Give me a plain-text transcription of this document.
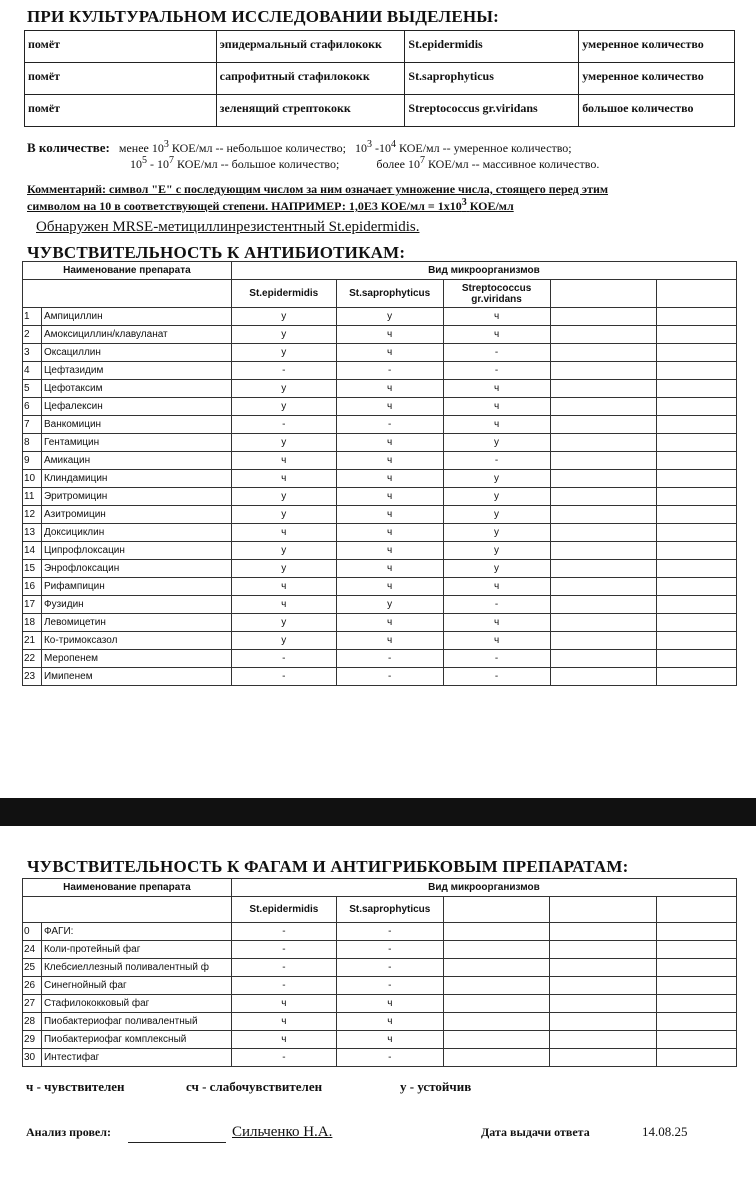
ПРИ КУЛЬТУРАЛЬНОМ ИССЛЕДОВАНИИ ВЫДЕЛЕНЫ:
помёт	эпидермальный стафилококк	St.epidermidis	умеренное количество
помёт	сапрофитный стафилококк	St.saprophyticus	умеренное количество
помёт	зеленящий стрептококк	Streptococcus gr.viridans	большое количество
В количестве: менее $10^3$ КОЕ/мл -- небольшое количество; $10^3$ $-10^4$ КОЕ/мл -- умеренное количество;
$10^5 - 10^7$ КОЕ/мл -- большое количество;	более $10^7$ КОЕ/мл -- массивное количество.
Комментарий: символ "Е" с последующим числом за ним означает умножение числа, стоящего перед этим
символом на 10 в соответствующей степени. НАПРИМЕР: 1,0Е3 $КОЕ/мл = 1х10^3$ КОЕ/мл
Обнаружен MRSE-метициллинрезистентный St.epidermidis.
ЧУВСТВИТЕЛЬНОСТЬ К АНТИБИОТИКАМ:
Наименование препарата		Вид микроорганизмов				
		St.epidermidis	St.saprophyticus	Streptococcus gr.viridans		
1	Ампициллин	у	у	ч		
2	Амоксициллин/клавуланат	у	ч	ч		
3	Оксациллин	у	ч	-		
4	Цефтазидим	-	-	-		
5	Цефотаксим	у	ч	ч		
6	Цефалексин	у	ч	ч		
7	Ванкомицин	-	-	ч		
8	Гентамицин	у	ч	у		
9	Амикацин	ч	ч	-		
10	Клиндамицин	ч	ч	у		
11	Эритромицин	у	ч	у		
12	Азитромицин	у	ч	у		
13	Доксициклин	ч	ч	у		
14	Ципрофлоксацин	у	ч	у		
15	Энрофлоксацин	у	ч	у		
16	Рифампицин	ч	ч	ч		
17	Фузидин	ч	у	-		
18	Левомицетин	у	ч	ч		
21	Ко-тримоксазол	у	ч	ч		
22	Меропенем	-	-	-		
23	Имипенем	-	-	-		
ЧУВСТВИТЕЛЬНОСТЬ К ФАГАМ И АНТИГРИБКОВЫМ ПРЕПАРАТАМ:
Наименование препарата		Вид микроорганизмов				
		St.epidermidis	St.saprophyticus			
0	ФАГИ:	-	-			
24	Коли-протейный фаг	-	-			
25	Клебсиеллезный поливалентный ф	-	-			
26	Синегнойный фаг	-	-			
27	Стафилококковый фаг	ч	ч			
28	Пиобактериофаг поливалентный	ч	ч			
29	Пиобактериофаг комплексный	ч	ч			
30	Интестифаг	-	-			
ч - чувствителен	сч - слабочувствителен	у - устойчив
Анализ провел:	Сильченко Н.А.	Дата выдачи ответа	14.08.25
